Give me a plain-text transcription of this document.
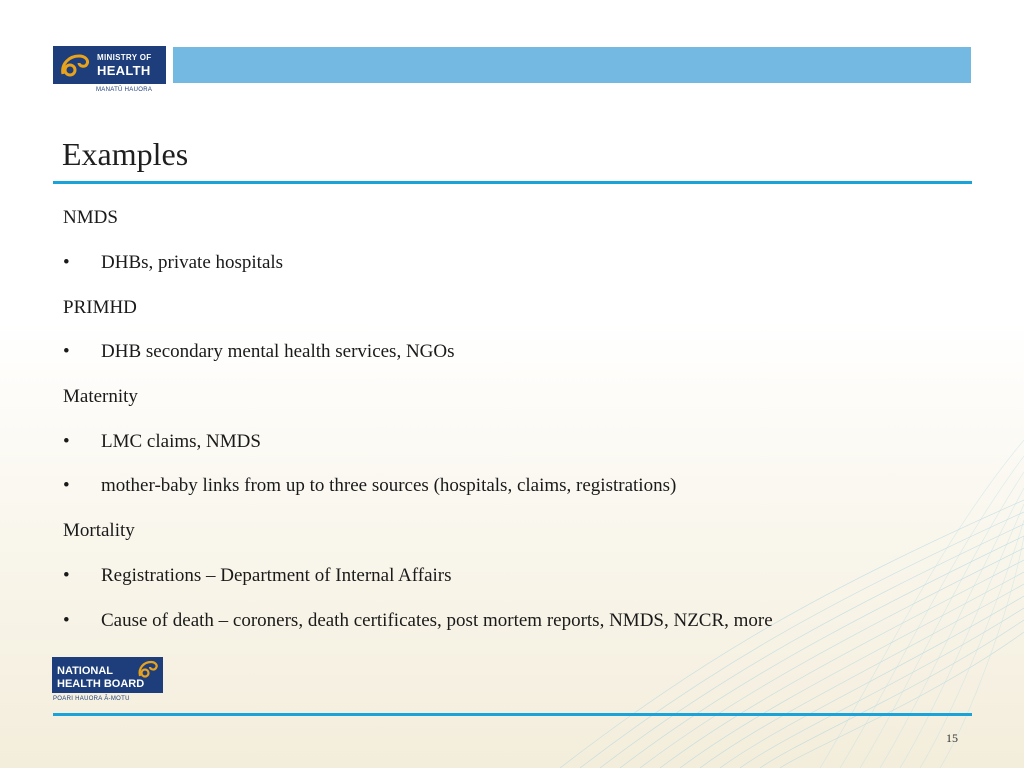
MINISTRY OF
HEALTH
MANATŪ HAUORA
Examples
NMDS
•	DHBs, private hospitals
PRIMHD
•	DHB secondary mental health services, NGOs
Maternity
•	LMC claims, NMDS
•	mother-baby links from up to three sources (hospitals, claims, registrations)
Mortality
•	Registrations – Department of Internal Affairs
•	Cause of death – coroners, death certificates, post mortem reports, NMDS, NZCR, more
NATIONAL
HEALTH BOARD
POARI HAUORA Ā-MOTU
15
